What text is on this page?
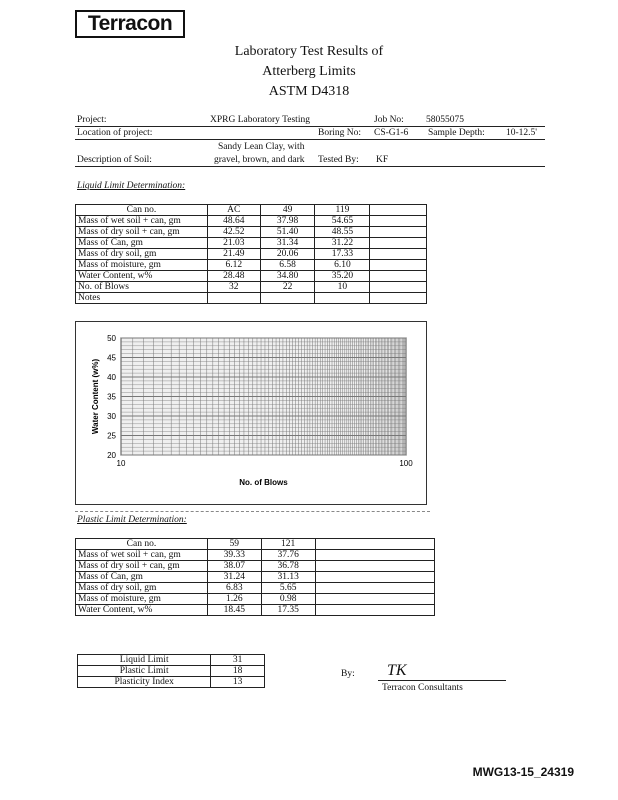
Terracon
Laboratory Test Results of
Atterberg Limits
ASTM D4318
Project:	XPRG Laboratory Testing	Job No: 58055075
Location of project:	Boring No: CS-G1-6 Sample Depth: 10-12.5'
Sandy Lean Clay, with
Description of Soil:	gravel, brown, and dark Tested By: KF
Liquid Limit Determination:
Can no.	AC	49	119	
Mass of wet soil + can, gm	48.64	37.98	54.65	
Mass of dry soil + can, gm	42.52	51.40	48.55	
Mass of Can, gm	21.03	31.34	31.22	
Mass of dry soil, gm	21.49	20.06	17.33	
Mass of moisture, gm	6.12	6.58	6.10	
Water Content, w%	28.48	34.80	35.20	
No. of Blows	32	22	10	
Notes				
20
25
30
35
40
45
50
10	100
No. of Blows
Water Content (w%)
Plastic Limit Determination:
Can no.	59	121	
Mass of wet soil + can, gm	39.33	37.76	
Mass of dry soil + can, gm	38.07	36.78	
Mass of Can, gm	31.24	31.13	
Mass of dry soil, gm	6.83	5.65	
Mass of moisture, gm	1.26	0.98	
Water Content, w%	18.45	17.35	
Liquid Limit	31
Plastic Limit	18
Plasticity Index	13
By: TK
Terracon Consultants
MWG13-15_24319
